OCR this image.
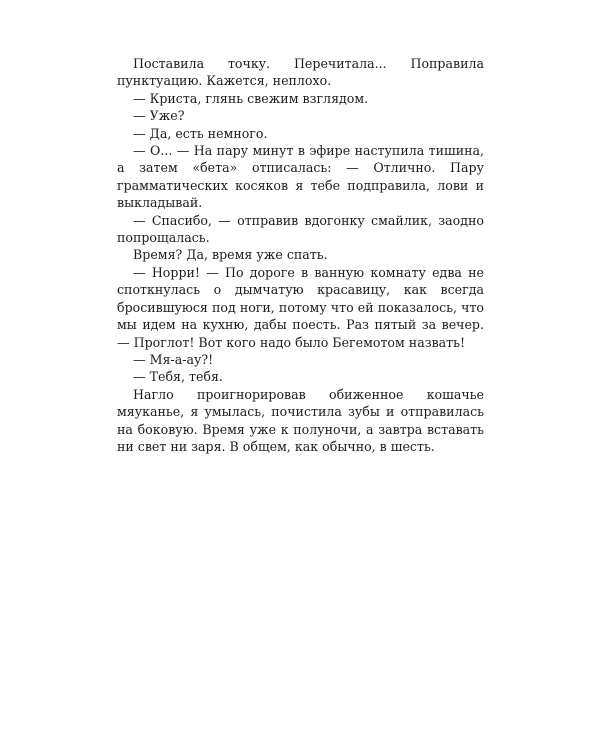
Поставила точку. Перечитала... Поправила пунктуацию. Кажется, неплохо.

— Криста, глянь свежим взглядом.

— Уже?

— Да, есть немного.

— О... — На пару минут в эфире наступила тишина, а затем «бета» отписалась: — Отлично. Пару грамматических косяков я тебе подправила, лови и выкладывай.

— Спасибо, — отправив вдогонку смайлик, заодно попрощалась.

Время? Да, время уже спать.

— Норри! — По дороге в ванную комнату едва не споткнулась о дымчатую красавицу, как всегда бросившуюся под ноги, потому что ей показалось, что мы идем на кухню, дабы поесть. Раз пятый за вечер. — Проглот! Вот кого надо было Бегемотом назвать!

— Мя-а-ау?!

— Тебя, тебя.

Нагло проигнорировав обиженное кошачье мяуканье, я умылась, почистила зубы и отправилась на боковую. Время уже к полуночи, а завтра вставать ни свет ни заря. В общем, как обычно, в шесть.
